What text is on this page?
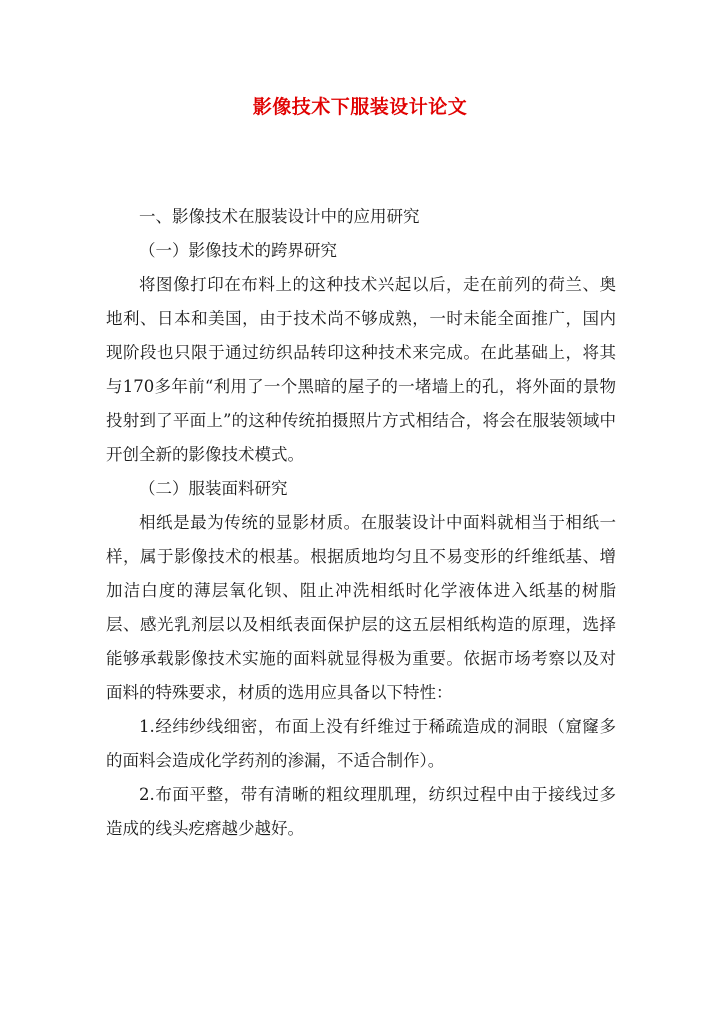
影像技术下服装设计论文

一、影像技术在服装设计中的应用研究

（一）影像技术的跨界研究

将图像打印在布料上的这种技术兴起以后，走在前列的荷兰、奥地利、日本和美国，由于技术尚不够成熟，一时未能全面推广，国内现阶段也只限于通过纺织品转印这种技术来完成。在此基础上，将其与170多年前“利用了一个黑暗的屋子的一堵墙上的孔，将外面的景物投射到了平面上”的这种传统拍摄照片方式相结合，将会在服装领域中开创全新的影像技术模式。

（二）服装面料研究

相纸是最为传统的显影材质。在服装设计中面料就相当于相纸一样，属于影像技术的根基。根据质地均匀且不易变形的纤维纸基、增加洁白度的薄层氧化钡、阻止冲洗相纸时化学液体进入纸基的树脂层、感光乳剂层以及相纸表面保护层的这五层相纸构造的原理，选择能够承载影像技术实施的面料就显得极为重要。依据市场考察以及对面料的特殊要求，材质的选用应具备以下特性：

1.经纬纱线细密，布面上没有纤维过于稀疏造成的洞眼（窟窿多的面料会造成化学药剂的渗漏，不适合制作）。

2.布面平整，带有清晰的粗纹理肌理，纺织过程中由于接线过多造成的线头疙瘩越少越好。
